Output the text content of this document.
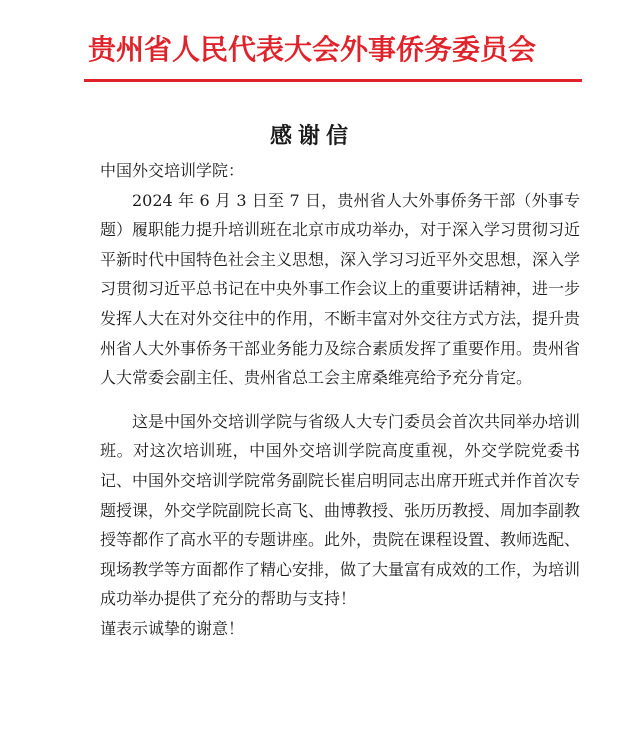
贵州省人民代表大会外事侨务委员会
感谢信
中国外交培训学院：

2024 年 6 月 3 日至 7 日，贵州省人大外事侨务干部（外事专题）履职能力提升培训班在北京市成功举办，对于深入学习贯彻习近平新时代中国特色社会主义思想，深入学习习近平外交思想，深入学习贯彻习近平总书记在中央外事工作会议上的重要讲话精神，进一步发挥人大在对外交往中的作用，不断丰富对外交往方式方法，提升贵州省人大外事侨务干部业务能力及综合素质发挥了重要作用。贵州省人大常委会副主任、贵州省总工会主席桑维亮给予充分肯定。

这是中国外交培训学院与省级人大专门委员会首次共同举办培训班。对这次培训班，中国外交培训学院高度重视，外交学院党委书记、中国外交培训学院常务副院长崔启明同志出席开班式并作首次专题授课，外交学院副院长高飞、曲博教授、张历历教授、周加李副教授等都作了高水平的专题讲座。此外，贵院在课程设置、教师选配、现场教学等方面都作了精心安排，做了大量富有成效的工作，为培训成功举办提供了充分的帮助与支持！

谨表示诚挚的谢意！
